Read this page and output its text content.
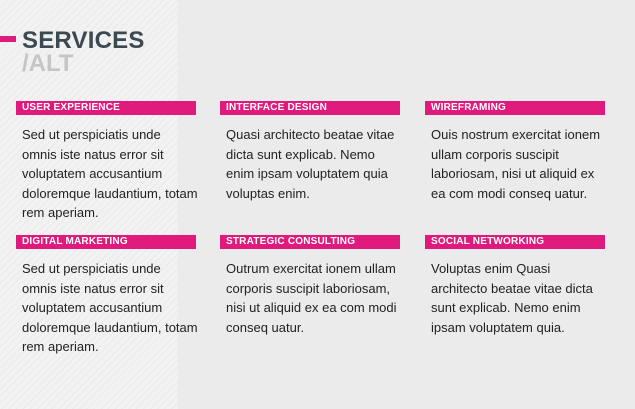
SERVICES
/ALT
USER EXPERIENCE
Sed ut perspiciatis unde omnis iste natus error sit voluptatem accusantium doloremque laudantium, totam rem aperiam.
INTERFACE DESIGN
Quasi architecto beatae vitae dicta sunt explicab. Nemo enim ipsam voluptatem quia voluptas enim.
WIREFRAMING
Ouis nostrum exercitat ionem ullam corporis suscipit laboriosam, nisi ut aliquid ex ea com modi conseq uatur.
DIGITAL MARKETING
Sed ut perspiciatis unde omnis iste natus error sit voluptatem accusantium doloremque laudantium, totam rem aperiam.
STRATEGIC CONSULTING
Outrum exercitat ionem ullam corporis suscipit laboriosam, nisi ut aliquid ex ea com modi conseq uatur.
SOCIAL NETWORKING
Voluptas enim Quasi architecto beatae vitae dicta sunt explicab. Nemo enim ipsam voluptatem quia.
